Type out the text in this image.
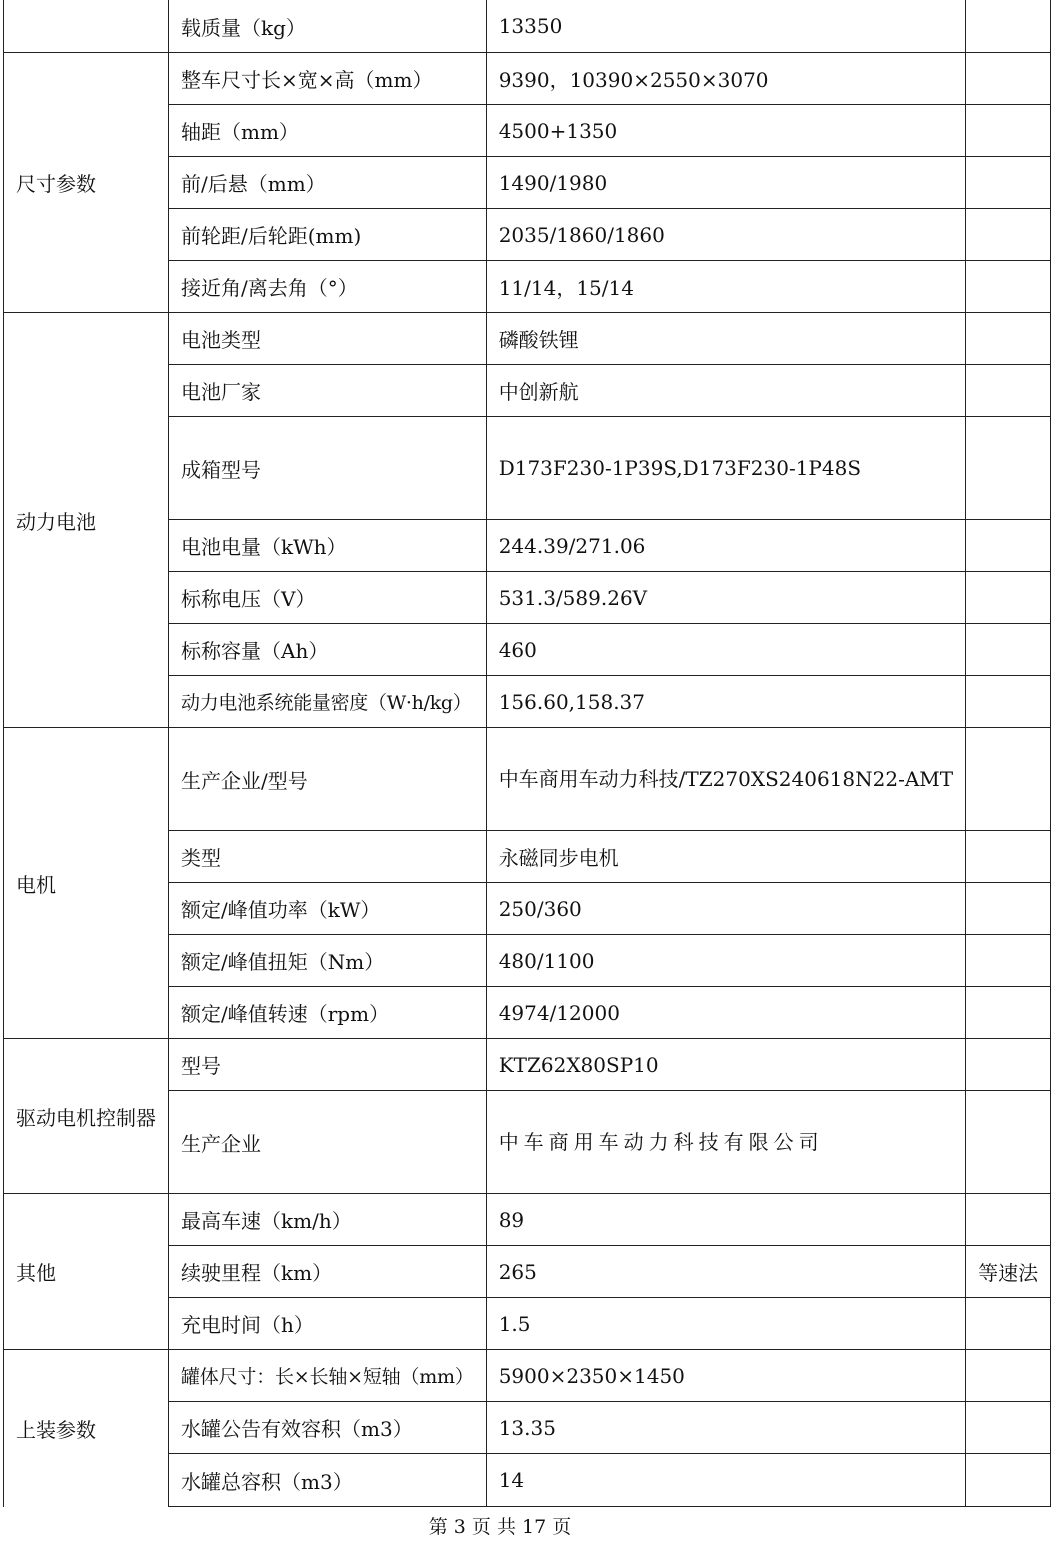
	载质量（kg）	13350	
尺寸参数	整车尺寸长×宽×高（mm）	9390，10390×2550×3070	
	轴距（mm）	4500+1350	
	前/后悬（mm）	1490/1980	
	前轮距/后轮距(mm)	2035/1860/1860	
	接近角/离去角（°）	11/14，15/14	
动力电池	电池类型	磷酸铁锂	
	电池厂家	中创新航	
	成箱型号	D173F230-1P39S,D173F230-1P48S	
	电池电量（kWh）	244.39/271.06	
	标称电压（V）	531.3/589.26V	
	标称容量（Ah）	460	
	动力电池系统能量密度（W·h/kg）	156.60,158.37	
电机	生产企业/型号	中车商用车动力科技/TZ270XS240618N22-AMT	
	类型	永磁同步电机	
	额定/峰值功率（kW）	250/360	
	额定/峰值扭矩（Nm）	480/1100	
	额定/峰值转速（rpm）	4974/12000	
驱动电机控制器	型号	KTZ62X80SP10	
	生产企业	中车商用车动力科技有限公司	
其他	最高车速（km/h）	89	
	续驶里程（km）	265	等速法
	充电时间（h）	1.5	
上装参数	罐体尺寸：长×长轴×短轴（mm）	5900×2350×1450	
	水罐公告有效容积（m3）	13.35	
	水罐总容积（m3）	14	
第 3 页 共 17 页
